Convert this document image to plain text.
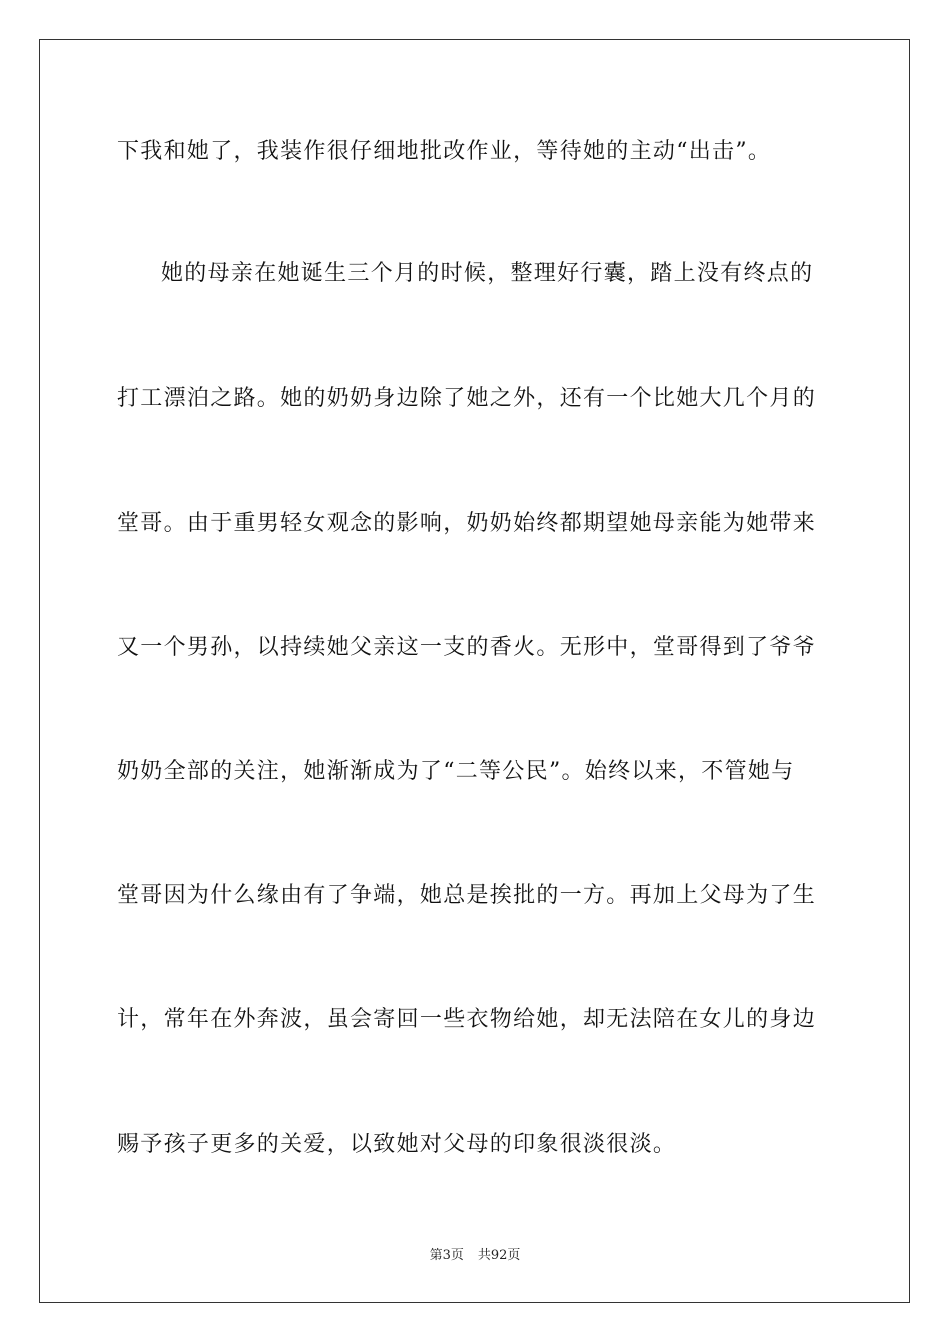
下我和她了，我装作很仔细地批改作业，等待她的主动“出击”。
她的母亲在她诞生三个月的时候，整理好行囊，踏上没有终点的
打工漂泊之路。她的奶奶身边除了她之外，还有一个比她大几个月的
堂哥。由于重男轻女观念的影响，奶奶始终都期望她母亲能为她带来
又一个男孙，以持续她父亲这一支的香火。无形中，堂哥得到了爷爷
奶奶全部的关注，她渐渐成为了“二等公民”。始终以来，不管她与
堂哥因为什么缘由有了争端，她总是挨批的一方。再加上父母为了生
计，常年在外奔波，虽会寄回一些衣物给她，却无法陪在女儿的身边
赐予孩子更多的关爱，以致她对父母的印象很淡很淡。
第3页 共92页
